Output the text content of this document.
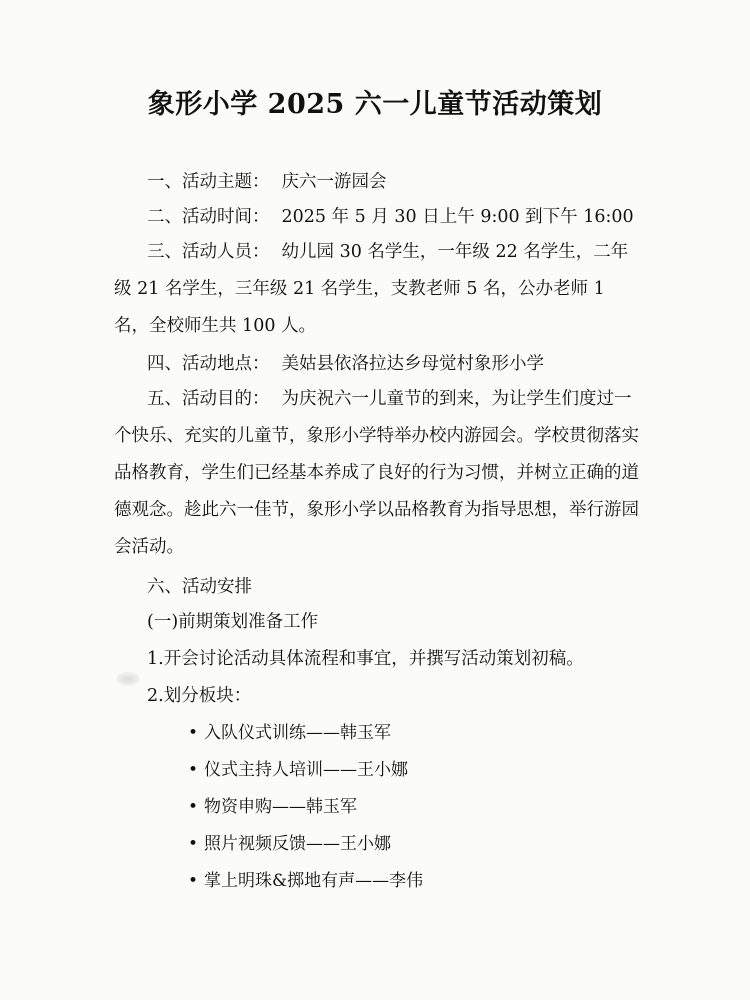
象形小学 2025 六一儿童节活动策划
一、活动主题： 庆六一游园会
二、活动时间： 2025 年 5 月 30 日上午 9:00 到下午 16:00
三、活动人员： 幼儿园 30 名学生，一年级 22 名学生，二年级 21 名学生，三年级 21 名学生，支教老师 5 名，公办老师 1 名，全校师生共 100 人。
四、活动地点： 美姑县依洛拉达乡母觉村象形小学
五、活动目的： 为庆祝六一儿童节的到来，为让学生们度过一个快乐、充实的儿童节，象形小学特举办校内游园会。学校贯彻落实品格教育，学生们已经基本养成了良好的行为习惯，并树立正确的道德观念。趁此六一佳节，象形小学以品格教育为指导思想，举行游园会活动。
六、活动安排
(一)前期策划准备工作
1.开会讨论活动具体流程和事宜，并撰写活动策划初稿。
2.划分板块：
• 入队仪式训练——韩玉军
• 仪式主持人培训——王小娜
• 物资申购——韩玉军
• 照片视频反馈——王小娜
• 掌上明珠&掷地有声——李伟
